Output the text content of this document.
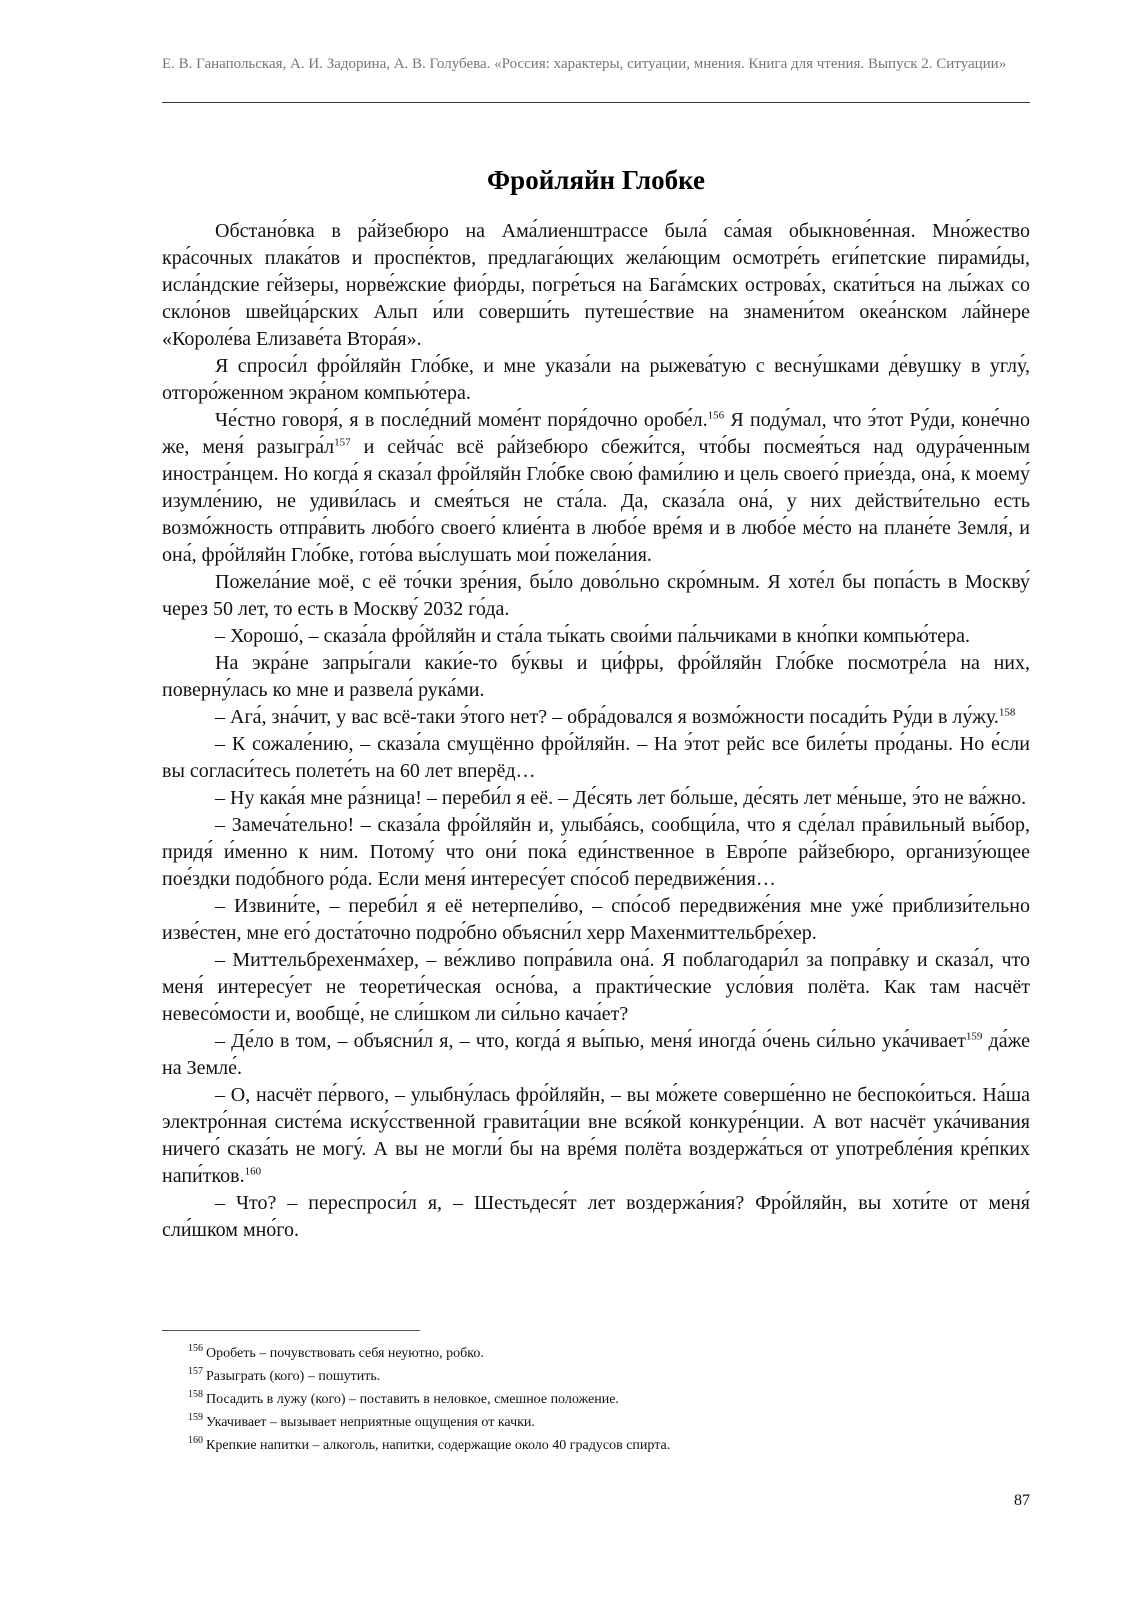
Е. В. Ганапольская, А. И. Задорина, А. В. Голубева. «Россия: характеры, ситуации, мнения. Книга для чтения. Выпуск 2. Ситуации»
Фройляйн Глобке

Обстано́вка в ра́йзебюро на Ама́лиенштрассе была́ са́мая обыкнове́нная. Мно́жество кра́сочных плака́тов и проспе́ктов, предлага́ющих жела́ющим осмотре́ть еги́петские пирами́ды, исла́ндские ге́йзеры, норве́жские фио́рды, погре́ться на Бага́мских острова́х, скати́ться на лы́жах со скло́нов швейца́рских Альп и́ли соверши́ть путеше́ствие на знамени́том океа́нском ла́йнере «Короле́ва Елизаве́та Втора́я».

Я спроси́л фро́йляйн Гло́бке, и мне указа́ли на рыжева́тую с весну́шками де́вушку в углу́, отгоро́женном экра́ном компью́тера.

Че́стно говоря́, я в после́дний моме́нт поря́дочно оробе́л.$^{156}$ Я поду́мал, что э́тот Ру́ди, коне́чно же, меня́ $разыгра́л^{157}$ и сейча́с всё ра́йзебюро сбежи́тся, что́бы посмея́ться над одура́ченным иностра́нцем. Но когда́ я сказа́л фро́йляйн Гло́бке свою́ фами́лию и цель своего́ прие́зда, она́, к моему́ изумле́нию, не удиви́лась и смея́ться не ста́ла. Да, сказа́ла она́, у них действи́тельно есть возмо́жность отпра́вить любо́го своего́ клие́нта в любо́е вре́мя и в любо́е ме́сто на плане́те Земля́, и она́, фро́йляйн Гло́бке, гото́ва вы́слушать мои́ пожела́ния.

Пожела́ние моё, с её то́чки зре́ния, бы́ло дово́льно скро́мным. Я хоте́л бы попа́сть в Москву́ через 50 лет, то есть в Москву́ 2032 го́да.

– Хорошо́, – сказа́ла фро́йляйн и ста́ла ты́кать свои́ми па́льчиками в кно́пки компью́тера.

На экра́не запры́гали каки́е-то бу́квы и ци́фры, фро́йляйн Гло́бке посмотре́ла на них, поверну́лась ко мне и развела́ рука́ми.

– Ага́, зна́чит, у вас всё-таки э́того нет? – обра́довался я возмо́жности посади́ть Ру́ди в лу́жу.$^{158}$

– К сожале́нию, – сказа́ла смущённо фро́йляйн. – На э́тот рейс все биле́ты про́даны. Но е́сли вы согласи́тесь полете́ть на 60 лет вперёд…

– Ну кака́я мне ра́зница! – переби́л я её. – Де́сять лет бо́льше, де́сять лет ме́ньше, э́то не ва́жно.

– Замеча́тельно! – сказа́ла фро́йляйн и, улыба́ясь, сообщи́ла, что я сде́лал пра́вильный вы́бор, придя́ и́менно к ним. Потому́ что они́ пока́ еди́нственное в Евро́пе ра́йзебюро, организу́ющее пое́здки подо́бного ро́да. Если меня́ интересу́ет спо́соб передвиже́ния…

– Извини́те, – переби́л я её нетерпели́во, – спо́соб передвиже́ния мне уже́ приблизи́тельно изве́стен, мне его́ доста́точно подро́бно объясни́л херр Махенмиттельбре́хер.

– Миттельбрехенма́хер, – ве́жливо попра́вила она́. Я поблагодари́л за попра́вку и сказа́л, что меня́ интересу́ет не теорети́ческая осно́ва, а практи́ческие усло́вия полёта. Как там насчёт невесо́мости и, вообще́, не сли́шком ли си́льно кача́ет?

– Де́ло в том, – объясни́л я, – что, когда́ я вы́пью, меня́ иногда́ о́чень си́льно ука́чивает$^{159}$ да́же на Земле́.

– О, насчёт пе́рвого, – улыбну́лась фро́йляйн, – вы мо́жете соверше́нно не беспоко́иться. На́ша электро́нная систе́ма иску́сственной гравита́ции вне вся́кой конкуре́нции. А вот насчёт ука́чивания ничего́ сказа́ть не могу́. А вы не могли́ бы на вре́мя полёта воздержа́ться от употребле́ния кре́пких напи́тков.$^{160}$

– Что? – переспроси́л я, – Шестьдеся́т лет воздержа́ния? Фро́йляйн, вы хоти́те от меня́ сли́шком мно́го.

$^{156}$ Оробеть – почувствовать себя неуютно, робко.

$^{157}$ Разыграть (кого) – пошутить.

$^{158}$ Посадить в лужу (кого) – поставить в неловкое, смешное положение.

$^{159}$ Укачивает – вызывает неприятные ощущения от качки.

$^{160}$ Крепкие напитки – алкоголь, напитки, содержащие около 40 градусов спирта.

87
